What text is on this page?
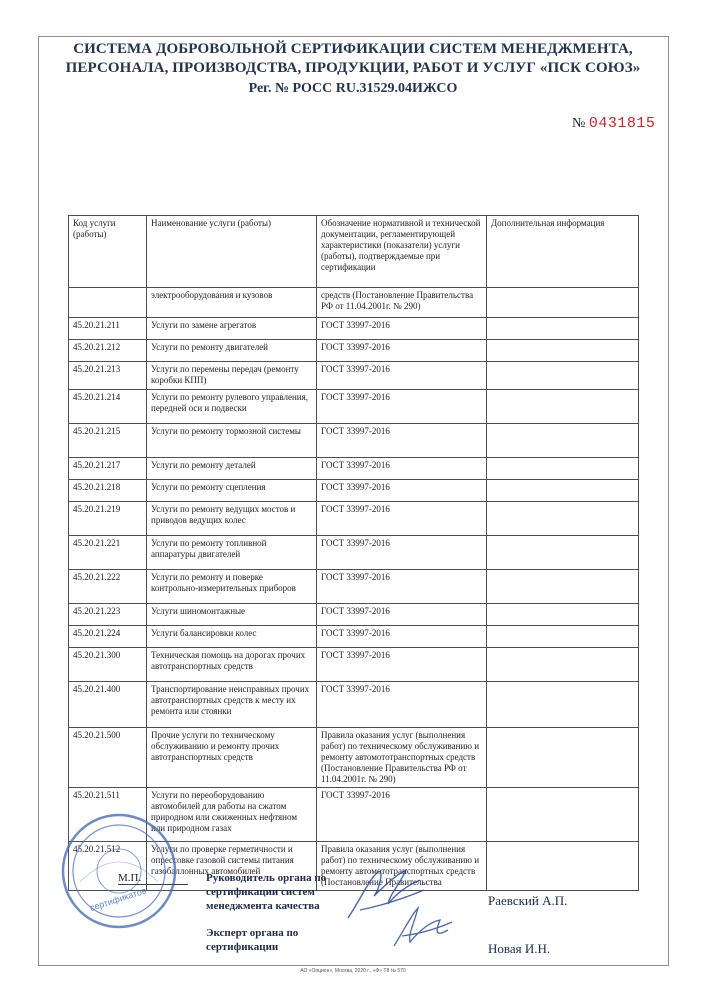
СИСТЕМА ДОБРОВОЛЬНОЙ СЕРТИФИКАЦИИ СИСТЕМ МЕНЕДЖМЕНТА,
ПЕРСОНАЛА, ПРОИЗВОДСТВА, ПРОДУКЦИИ, РАБОТ И УСЛУГ «ПСК СОЮЗ»
Рег. № РОСС RU.31529.04ИЖСО
№ 0431815
Код услуги (работы)	Наименование услуги (работы)	Обозначение нормативной и технической документации, регламентирующей характеристики (показатели) услуги (работы), подтверждаемые при сертификации	Дополнительная информация
	электрооборудования и кузовов	средств (Постановление Правительства РФ от 11.04.2001г. № 290)	
45.20.21.211	Услуги по замене агрегатов	ГОСТ 33997-2016	
45.20.21.212	Услуги по ремонту двигателей	ГОСТ 33997-2016	
45.20.21.213	Услуги по перемены передач (ремонту коробки КПП)	ГОСТ 33997-2016	
45.20.21.214	Услуги по ремонту рулевого управления, передней оси и подвески	ГОСТ 33997-2016	
45.20.21.215	Услуги по ремонту тормозной системы	ГОСТ 33997-2016	
45.20.21.217	Услуги по ремонту деталей	ГОСТ 33997-2016	
45.20.21.218	Услуги по ремонту сцепления	ГОСТ 33997-2016	
45.20.21.219	Услуги по ремонту ведущих мостов и приводов ведущих колес	ГОСТ 33997-2016	
45.20.21.221	Услуги по ремонту топливной аппаратуры двигателей	ГОСТ 33997-2016	
45.20.21.222	Услуги по ремонту и поверке контрольно-измерительных приборов	ГОСТ 33997-2016	
45.20.21.223	Услуги шиномонтажные	ГОСТ 33997-2016	
45.20.21.224	Услуги балансировки колес	ГОСТ 33997-2016	
45.20.21.300	Техническая помощь на дорогах прочих автотранспортных средств	ГОСТ 33997-2016	
45.20.21.400	Транспортирование неисправных прочих автотранспортных средств к месту их ремонта или стоянки	ГОСТ 33997-2016	
45.20.21.500	Прочие услуги по техническому обслуживанию и ремонту прочих автотранспортных средств	Правила оказания услуг (выполнения работ) по техническому обслуживанию и ремонту автомототранспортных средств (Постановление Правительства РФ от 11.04.2001г. № 290)	
45.20.21.511	Услуги по переоборудованию автомобилей для работы на сжатом природном или сжиженных нефтяном или природном газах	ГОСТ 33997-2016	
45.20.21.512	Услуги по проверке герметичности и опрессовке газовой системы питания газобаллонных автомобилей	Правила оказания услуг (выполнения работ) по техническому обслуживанию и ремонту автомототранспортных средств (Постановление Правительства	
сертификатов
М.П.	Руководитель органа по сертификации систем менеджмента качества
Эксперт органа по сертификации
Раевский А.П.
Новая И.Н.
АО «Опцион», Москва, 2020 г., «Ф» Т8 № 570
